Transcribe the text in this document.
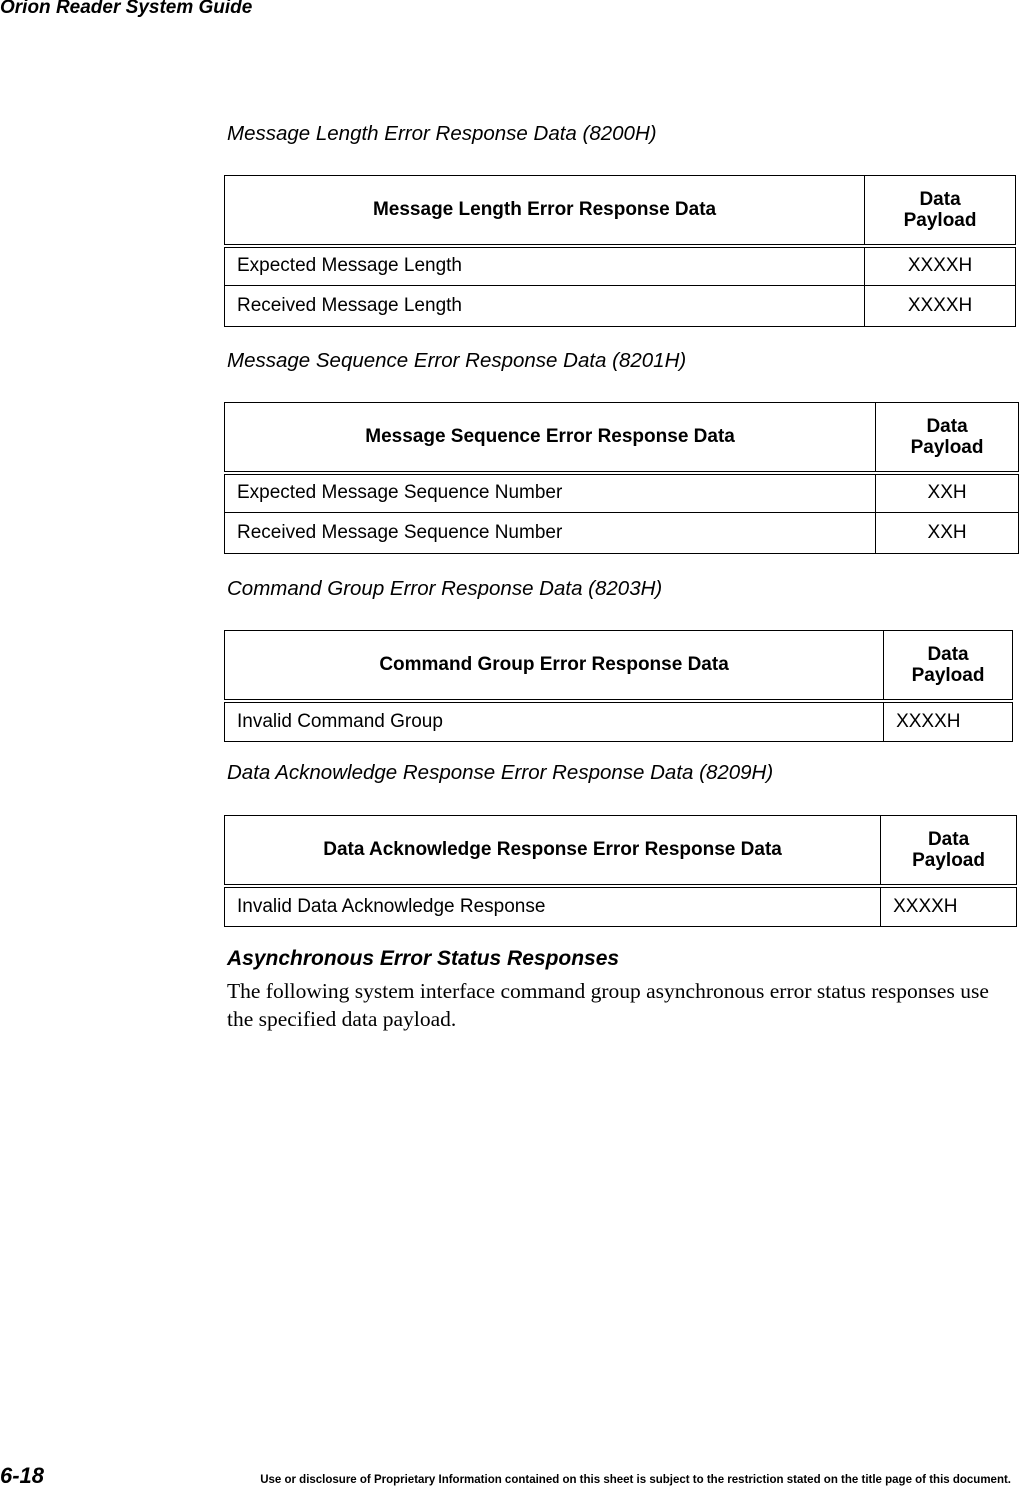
Orion Reader System Guide
Message Length Error Response Data (8200H)
Message Length Error Response Data	Data
Payload
Expected Message Length	XXXXH
Received Message Length	XXXXH
Message Sequence Error Response Data (8201H)
Message Sequence Error Response Data	Data
Payload
Expected Message Sequence Number	XXH
Received Message Sequence Number	XXH
Command Group Error Response Data (8203H)
Command Group Error Response Data	Data
Payload
Invalid Command Group	XXXXH
Data Acknowledge Response Error Response Data (8209H)
Data Acknowledge Response Error Response Data	Data
Payload
Invalid Data Acknowledge Response	XXXXH
Asynchronous Error Status Responses
The following system interface command group asynchronous error status responses use the specified data payload.
6-18	Use or disclosure of Proprietary Information contained on this sheet is subject to the restriction stated on the title page of this document.
